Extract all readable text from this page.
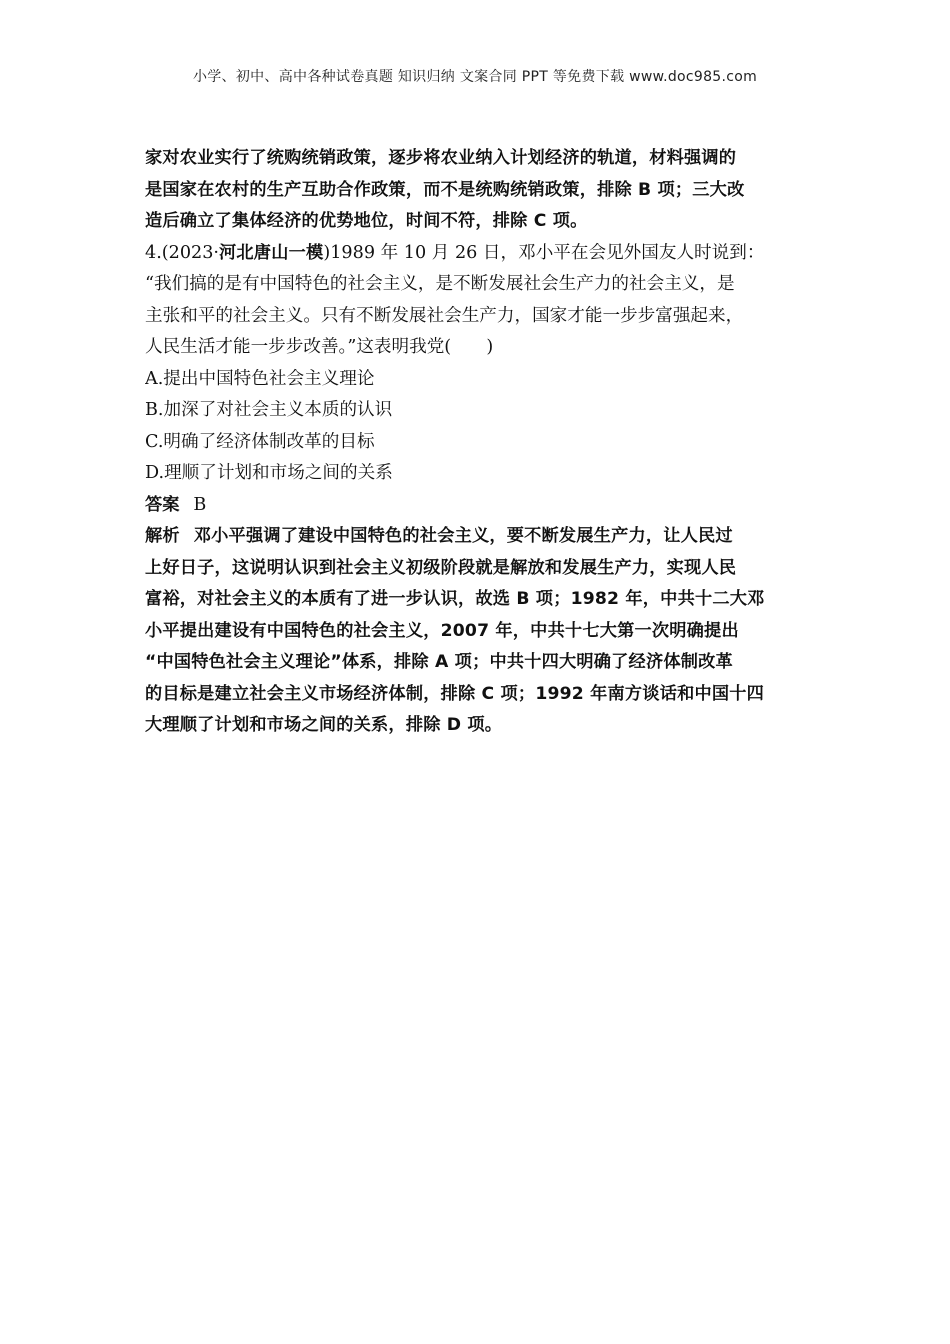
小学、初中、高中各种试卷真题 知识归纳 文案合同 PPT 等免费下载 www.doc985.com
家对农业实行了统购统销政策，逐步将农业纳入计划经济的轨道，材料强调的
是国家在农村的生产互助合作政策，而不是统购统销政策，排除 B 项；三大改
造后确立了集体经济的优势地位，时间不符，排除 C 项。
4.(2023·河北唐山一模)1989 年 10 月 26 日，邓小平在会见外国友人时说到：
“我们搞的是有中国特色的社会主义，是不断发展社会生产力的社会主义，是
主张和平的社会主义。只有不断发展社会生产力，国家才能一步步富强起来，
人民生活才能一步步改善。”这表明我党(　　)
A.提出中国特色社会主义理论
B.加深了对社会主义本质的认识
C.明确了经济体制改革的目标
D.理顺了计划和市场之间的关系
答案 B
解析 邓小平强调了建设中国特色的社会主义，要不断发展生产力，让人民过
上好日子，这说明认识到社会主义初级阶段就是解放和发展生产力，实现人民
富裕，对社会主义的本质有了进一步认识，故选 B 项；1982 年，中共十二大邓
小平提出建设有中国特色的社会主义，2007 年，中共十七大第一次明确提出
“中国特色社会主义理论”体系，排除 A 项；中共十四大明确了经济体制改革
的目标是建立社会主义市场经济体制，排除 C 项；1992 年南方谈话和中国十四
大理顺了计划和市场之间的关系，排除 D 项。
